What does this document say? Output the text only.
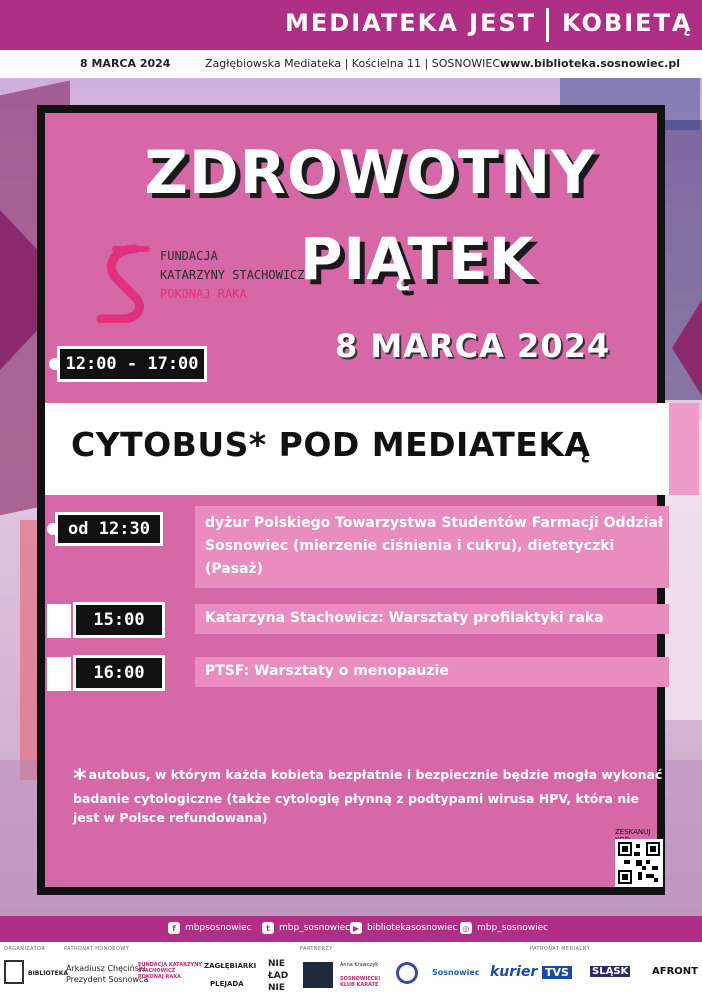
MEDIATEKA JEST KOBIETĄ
8 MARCA 2024	Zagłębiowska Mediateka | Kościelna 11 | SOSNOWIEC www.biblioteka.sosnowiec.pl
ZDROWOTNY
PIĄTEK
FUNDACJA
KATARZYNY STACHOWICZ
POKONAJ RAKA
8 MARCA 2024
12:00 - 17:00
CYTOBUS* POD MEDIATEKĄ
dyżur Polskiego Towarzystwa Studentów Farmacji Oddział Sosnowiec (mierzenie ciśnienia i cukru), dietetyczki (Pasaż)
od 12:30
Katarzyna Stachowicz: Warsztaty profilaktyki raka
15:00
PTSF: Warsztaty o menopauzie
16:00
* autobus, w którym każda kobieta bezpłatnie i bezpiecznie będzie mogła wykonać badanie cytologiczne (także cytologię płynną z podtypami wirusa HPV, która nie jest w Polsce refundowana)
ZESKANUJ
f	mbpsosnowiec	t	mbp_sosnowiec ▶ bibliotekasosnowiec ◎ mbp_sosnowiec
ORGANIZATOR	PATRONAT HONOROWY	PARTNERZY	PATRONAT MEDIALNY
BIBLIOTEKA
Arkadiusz Chęciński
Prezydent Sosnowca
FUNDACJA KATARZYNY STACHOWICZ POKONAJ RAKA
ZAGŁĘBIARKI
PLEJADA
NIE ŁAD NIE
Anna Krawczyk
SOSNOWIECKI KLUB KARATE
Sosnowiec kurier TVS	ŚLĄSK AFRONT
